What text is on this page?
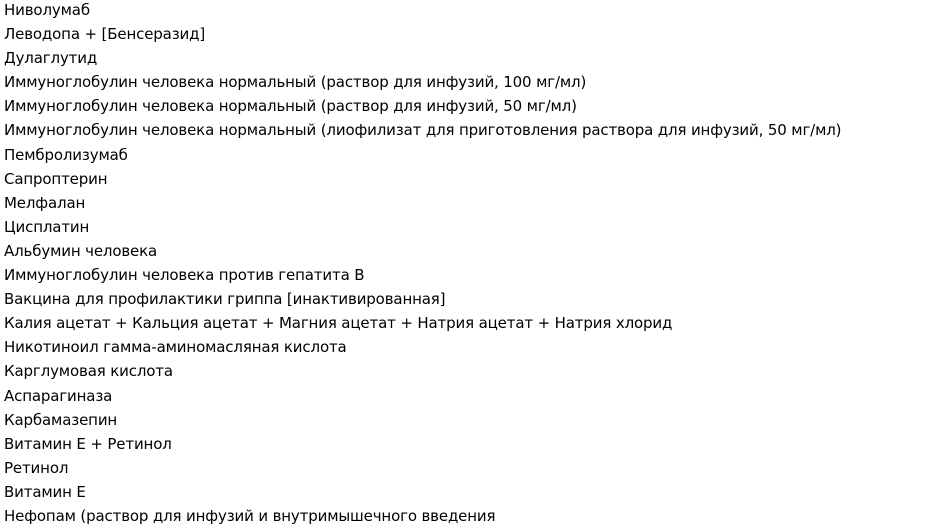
Ниволумаб
Леводопа + [Бенсеразид]
Дулаглутид
Иммуноглобулин человека нормальный (раствор для инфузий, 100 мг/мл)
Иммуноглобулин человека нормальный (раствор для инфузий, 50 мг/мл)
Иммуноглобулин человека нормальный (лиофилизат для приготовления раствора для инфузий, 50 мг/мл)
Пембролизумаб
Сапроптерин
Мелфалан
Цисплатин
Альбумин человека
Иммуноглобулин человека против гепатита B
Вакцина для профилактики гриппа [инактивированная]
Калия ацетат + Кальция ацетат + Магния ацетат + Натрия ацетат + Натрия хлорид
Никотиноил гамма-аминомасляная кислота
Карглумовая кислота
Аспарагиназа
Карбамазепин
Витамин E + Ретинол
Ретинол
Витамин E
Нефопам (раствор для инфузий и внутримышечного введения
